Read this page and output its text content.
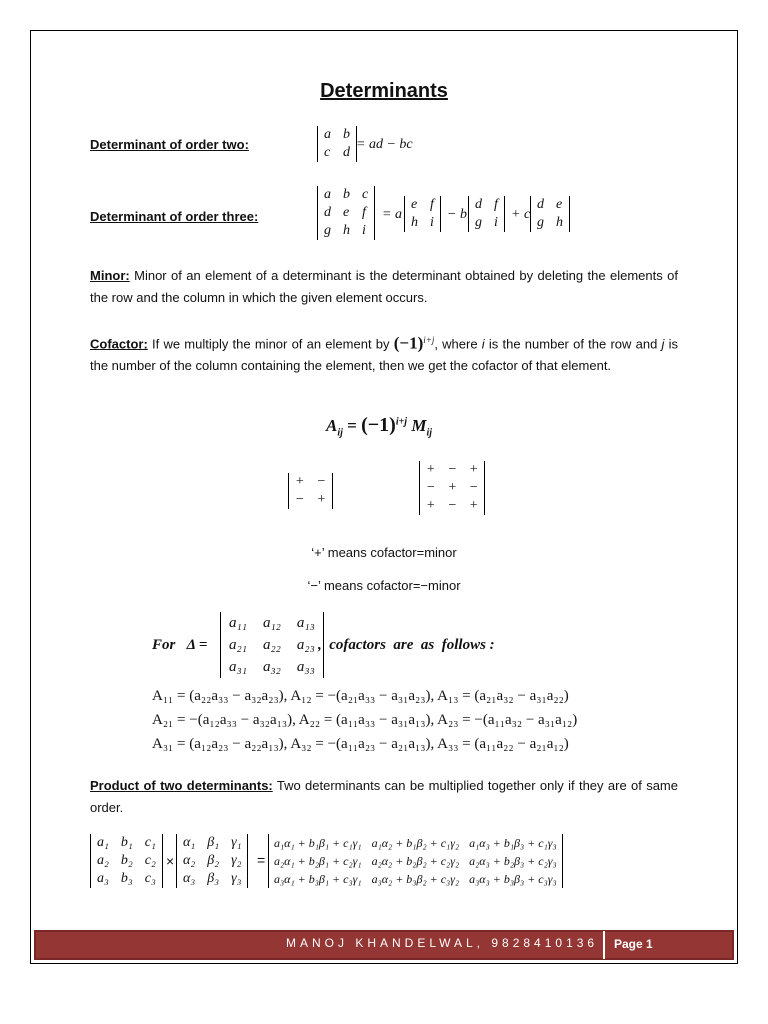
Determinants
Determinant of order two:
a	b
c	d
= ad − bc
Determinant of order three:
a	b	c
d	e	f
g	h	i
= a
e	f
h	i
− b
d	f
g	i
+ c
d	e
g	h
Minor: Minor of an element of a determinant is the determinant obtained by deleting the elements of the row and the column in which the given element occurs.
Cofactor: If we multiply the minor of an element by $(-1)^{i+j}$, where i is the number of the row and j is the number of the column containing the element, then we get the cofactor of that element.
$A_{ij} = (-1)^{i+j}$ $M_{ij}$
+	−
−	+
+	−	+
−	+	−
+	−	+
‘+’ means cofactor=minor
‘−’ means cofactor=−minor
For   Δ =
a₁₁	a₁₂	a₁₃
a₂₁	a₂₂	a₂₃
a₃₁	a₃₂	a₃₃
,  cofactors  are  as  follows :
A₁₁ = (a₂₂a₃₃ − a₃₂a₂₃), A₁₂ = −(a₂₁a₃₃ − a₃₁a₂₃), A₁₃ = (a₂₁a₃₂ − a₃₁a₂₂)
A₂₁ = −(a₁₂a₃₃ − a₃₂a₁₃), A₂₂ = (a₁₁a₃₃ − a₃₁a₁₃), A₂₃ = −(a₁₁a₃₂ − a₃₁a₁₂)
A₃₁ = (a₁₂a₂₃ − a₂₂a₁₃), A₃₂ = −(a₁₁a₂₃ − a₂₁a₁₃), A₃₃ = (a₁₁a₂₂ − a₂₁a₁₂)
Product of two determinants: Two determinants can be multiplied together only if they are of same order.
a₁	b₁	c₁
a₂	b₂	c₂
a₃	b₃	c₃
×
α₁	β₁	γ₁
α₂	β₂	γ₂
α₃	β₃	γ₃
=
a₁α₁ + b₁β₁ + c₁γ₁	a₁α₂ + b₁β₂ + c₁γ₂	a₁α₃ + b₁β₃ + c₁γ₃
a₂α₁ + b₂β₁ + c₂γ₁	a₂α₂ + b₂β₂ + c₂γ₂	a₂α₃ + b₂β₃ + c₂γ₃
a₃α₁ + b₃β₁ + c₃γ₁	a₃α₂ + b₃β₂ + c₃γ₂	a₃α₃ + b₃β₃ + c₃γ₃
MANOJ KHANDELWAL, 9828410136 Page 1
